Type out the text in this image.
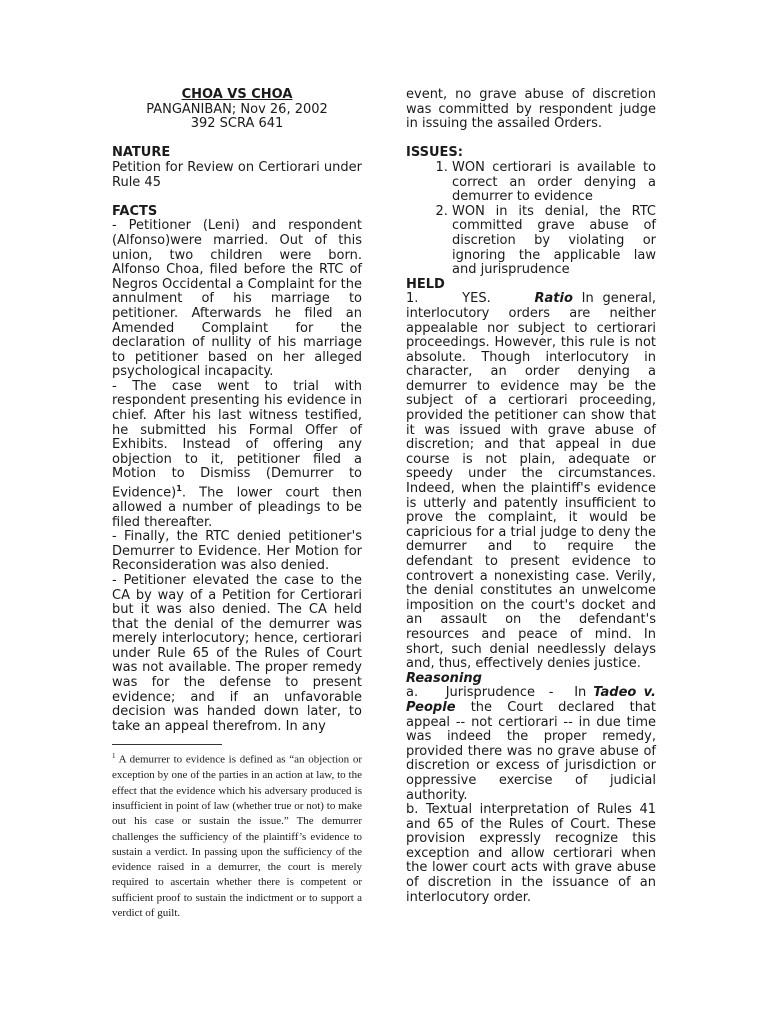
CHOA VS CHOA
PANGANIBAN; Nov 26, 2002
392 SCRA 641
NATURE

Petition for Review on Certiorari under Rule 45

FACTS

- Petitioner (Leni) and respondent (Alfonso)were married. Out of this union, two children were born. Alfonso Choa, filed before the RTC of Negros Occidental a Complaint for the annulment of his marriage to petitioner. Afterwards he filed an Amended Complaint for the declaration of nullity of his marriage to petitioner based on her alleged psychological incapacity.

- The case went to trial with respondent presenting his evidence in chief. After his last witness testified, he submitted his Formal Offer of Exhibits. Instead of offering any objection to it, petitioner filed a Motion to Dismiss (Demurrer to Evidence)$^1$. The lower court then allowed a number of pleadings to be filed thereafter.

- Finally, the RTC denied petitioner's Demurrer to Evidence. Her Motion for Reconsideration was also denied.

- Petitioner elevated the case to the CA by way of a Petition for Certiorari but it was also denied. The CA held that the denial of the demurrer was merely interlocutory; hence, certiorari under Rule 65 of the Rules of Court was not available. The proper remedy was for the defense to present evidence; and if an unfavorable decision was handed down later, to take an appeal therefrom. In any

$^1$ A demurrer to evidence is defined as “an objection or exception by one of the parties in an action at law, to the effect that the evidence which his adversary produced is insufficient in point of law (whether true or not) to make out his case or sustain the issue.” The demurrer challenges the sufficiency of the plaintiff’s evidence to sustain a verdict. In passing upon the sufficiency of the evidence raised in a demurrer, the court is merely required to ascertain whether there is competent or sufficient proof to sustain the indictment or to support a verdict of guilt.

event, no grave abuse of discretion was committed by respondent judge in issuing the assailed Orders.

ISSUES:
1. WON certiorari is available to correct an order denying a demurrer to evidence
2. WON in its denial, the RTC committed grave abuse of discretion by violating or ignoring the applicable law and jurisprudence
HELD

1.     YES.     Ratio In general, interlocutory orders are neither appealable nor subject to certiorari proceedings. However, this rule is not absolute. Though interlocutory in character, an order denying a demurrer to evidence may be the subject of a certiorari proceeding, provided the petitioner can show that it was issued with grave abuse of discretion; and that appeal in due course is not plain, adequate or speedy under the circumstances. Indeed, when the plaintiff's evidence is utterly and patently insufficient to prove the complaint, it would be capricious for a trial judge to deny the demurrer and to require the defendant to present evidence to controvert a nonexisting case. Verily, the denial constitutes an unwelcome imposition on the court's docket and an assault on the defendant's resources and peace of mind. In short, such denial needlessly delays and, thus, effectively denies justice.

Reasoning

a.    Jurisprudence  -   In Tadeo v. People the Court declared that appeal -- not certiorari -- in due time was indeed the proper remedy, provided there was no grave abuse of discretion or excess of jurisdiction or oppressive exercise of judicial authority.

b. Textual interpretation of Rules 41 and 65 of the Rules of Court. These provision expressly recognize this exception and allow certiorari when the lower court acts with grave abuse of discretion in the issuance of an interlocutory order.
